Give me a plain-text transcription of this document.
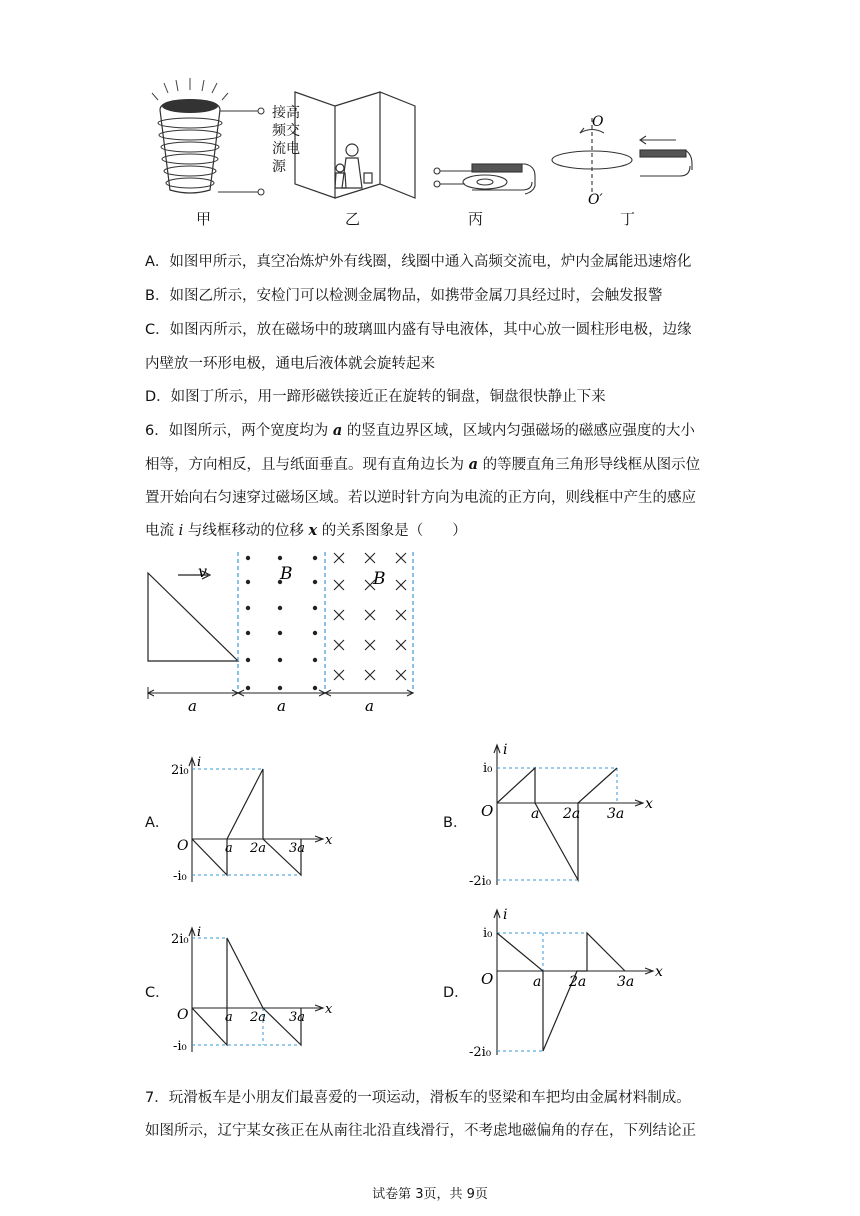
O
O′
接高
频交
流电
源
甲	乙	丙	丁
A．如图甲所示，真空冶炼炉外有线圈，线圈中通入高频交流电，炉内金属能迅速熔化
B．如图乙所示，安检门可以检测金属物品，如携带金属刀具经过时，会触发报警
C．如图丙所示，放在磁场中的玻璃皿内盛有导电液体，其中心放一圆柱形电极，边缘
内壁放一环形电极，通电后液体就会旋转起来
D．如图丁所示，用一蹄形磁铁接近正在旋转的铜盘，铜盘很快静止下来
6．如图所示，两个宽度均为 a 的竖直边界区域，区域内匀强磁场的磁感应强度的大小
相等，方向相反，且与纸面垂直。现有直角边长为 a 的等腰直角三角形导线框从图示位
置开始向右匀速穿过磁场区域。若以逆时针方向为电流的正方向，则线框中产生的感应
电流 i 与线框移动的位移 x 的关系图象是（　　）
v	B	B
a	a	a
A．
2i₀
-i₀
O
i
x
a 2a 3a
B．
i₀
-2i₀
O
i
x
a 2a 3a
C．
2i₀
-i₀
O
i
x
a 2a 3a
D．
i₀
-2i₀
O
i
x
a 2a 3a
7．玩滑板车是小朋友们最喜爱的一项运动，滑板车的竖梁和车把均由金属材料制成。
如图所示，辽宁某女孩正在从南往北沿直线滑行，不考虑地磁偏角的存在，下列结论正
试卷第 3页，共 9页
